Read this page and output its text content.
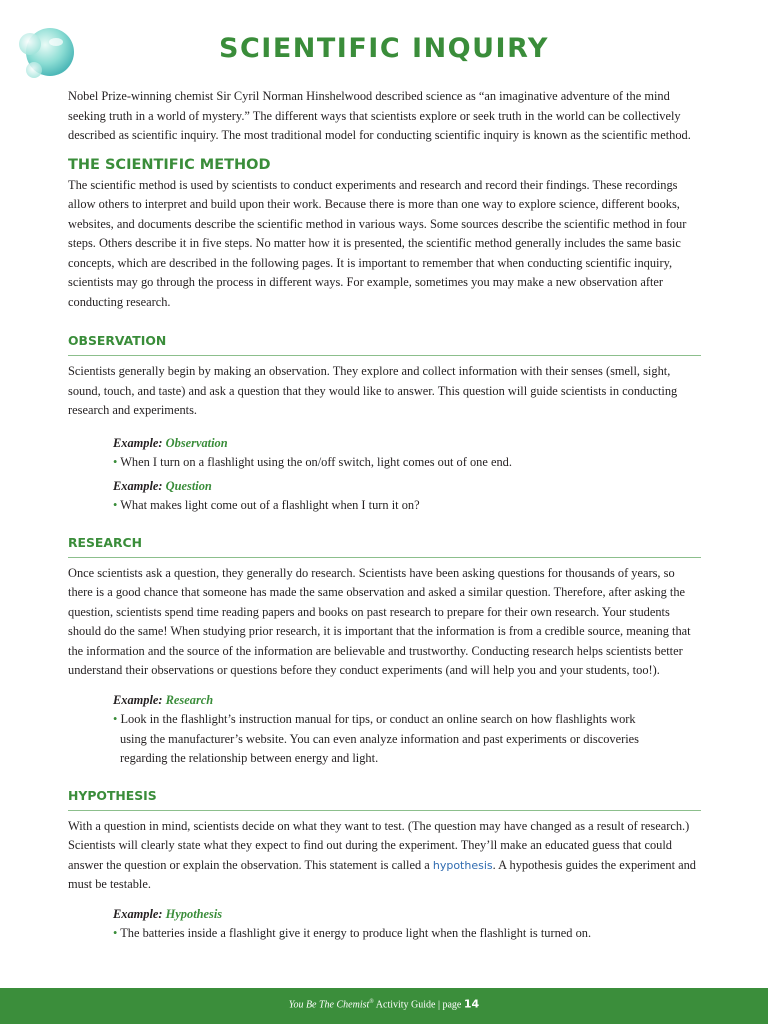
SCIENTIFIC INQUIRY

Nobel Prize-winning chemist Sir Cyril Norman Hinshelwood described science as “an imaginative adventure of the mind seeking truth in a world of mystery.” The different ways that scientists explore or seek truth in the world can be collectively described as scientific inquiry. The most traditional model for conducting scientific inquiry is known as the scientific method.

THE SCIENTIFIC METHOD

The scientific method is used by scientists to conduct experiments and research and record their findings. These recordings allow others to interpret and build upon their work. Because there is more than one way to explore science, different books, websites, and documents describe the scientific method in various ways. Some sources describe the scientific method in four steps. Others describe it in five steps. No matter how it is presented, the scientific method generally includes the same basic concepts, which are described in the following pages. It is important to remember that when conducting scientific inquiry, scientists may go through the process in different ways. For example, sometimes you may make a new observation after conducting research.

OBSERVATION

Scientists generally begin by making an observation. They explore and collect information with their senses (smell, sight, sound, touch, and taste) and ask a question that they would like to answer. This question will guide scientists in conducting research and experiments.

Example: Observation
• When I turn on a flashlight using the on/off switch, light comes out of one end.
Example: Question
• What makes light come out of a flashlight when I turn it on?
RESEARCH

Once scientists ask a question, they generally do research. Scientists have been asking questions for thousands of years, so there is a good chance that someone has made the same observation and asked a similar question. Therefore, after asking the question, scientists spend time reading papers and books on past research to prepare for their own research. Your students should do the same! When studying prior research, it is important that the information is from a credible source, meaning that the information and the source of the information are believable and trustworthy. Conducting research helps scientists better understand their observations or questions before they conduct experiments (and will help you and your students, too!).

Example: Research
• Look in the flashlight’s instruction manual for tips, or conduct an online search on how flashlights work using the manufacturer’s website. You can even analyze information and past experiments or discoveries regarding the relationship between energy and light.
HYPOTHESIS

With a question in mind, scientists decide on what they want to test. (The question may have changed as a result of research.) Scientists will clearly state what they expect to find out during the experiment. They’ll make an educated guess that could answer the question or explain the observation. This statement is called a hypothesis. A hypothesis guides the experiment and must be testable.

Example: Hypothesis
• The batteries inside a flashlight give it energy to produce light when the flashlight is turned on.
You Be The Chemist® Activity Guide | page 14
